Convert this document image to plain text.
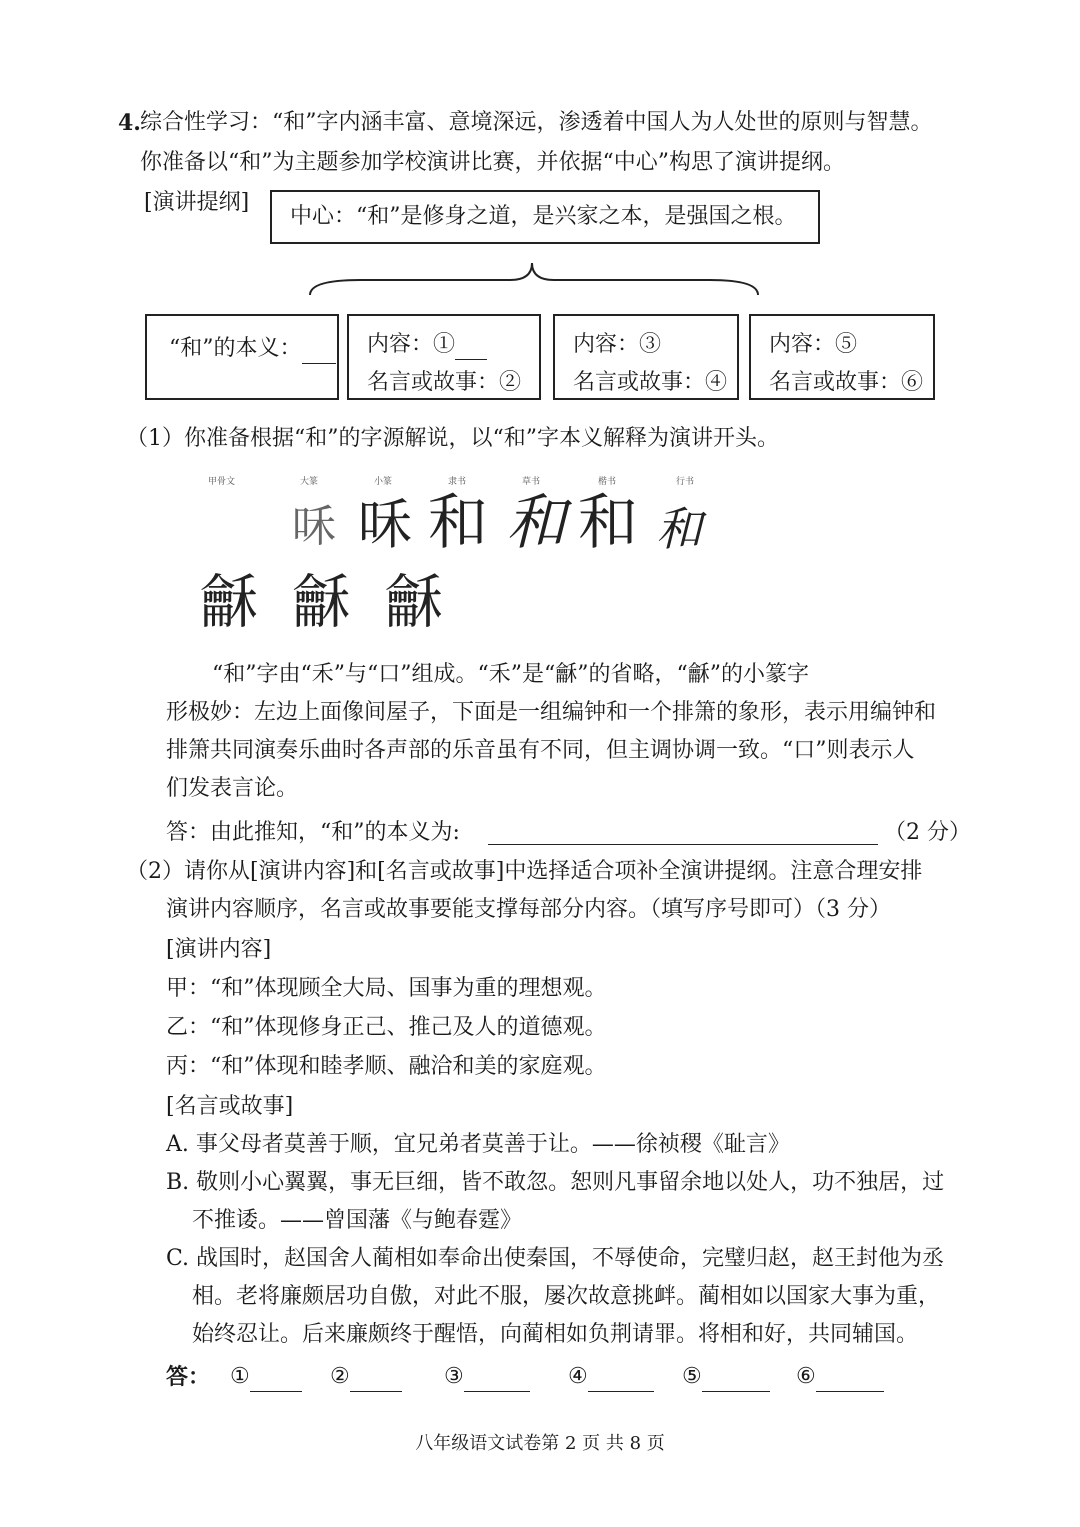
4. 综合性学习：“和”字内涵丰富、意境深远，渗透着中国人为人处世的原则与智慧。
你准备以“和”为主题参加学校演讲比赛，并依据“中心”构思了演讲提纲。
[演讲提纲]
中心：“和”是修身之道，是兴家之本，是强国之根。
“和”的本义：	内容：①
名言或故事：②
内容：③
名言或故事：④
内容：⑤
名言或故事：⑥
（1）你准备根据“和”的字源解说，以“和”字本义解释为演讲开头。
甲骨文	大篆	小篆	隶书	草书	楷书	行书
咊 咊 和 和 和 和
龢 龢 龢
“和”字由“禾”与“口”组成。“禾”是“龢”的省略，“龢”的小篆字
形极妙：左边上面像间屋子，下面是一组编钟和一个排箫的象形，表示用编钟和
排箫共同演奏乐曲时各声部的乐音虽有不同，但主调协调一致。“口”则表示人
们发表言论。
答：由此推知，“和”的本义为:	（2 分）
（2）请你从[演讲内容]和[名言或故事]中选择适合项补全演讲提纲。注意合理安排
演讲内容顺序，名言或故事要能支撑每部分内容。（填写序号即可）（3 分）
[演讲内容]
甲：“和”体现顾全大局、国事为重的理想观。
乙：“和”体现修身正己、推己及人的道德观。
丙：“和”体现和睦孝顺、融洽和美的家庭观。
[名言或故事]
A. 事父母者莫善于顺，宜兄弟者莫善于让。——徐祯稷《耻言》
B. 敬则小心翼翼，事无巨细，皆不敢忽。恕则凡事留余地以处人，功不独居，过
不推诿。——曾国藩《与鲍春霆》
C. 战国时，赵国舍人蔺相如奉命出使秦国，不辱使命，完璧归赵，赵王封他为丞
相。老将廉颇居功自傲，对此不服，屡次故意挑衅。蔺相如以国家大事为重，
始终忍让。后来廉颇终于醒悟，向蔺相如负荆请罪。将相和好，共同辅国。
答： ①	②	③	④	⑤	⑥
八年级语文试卷第 2 页 共 8 页
